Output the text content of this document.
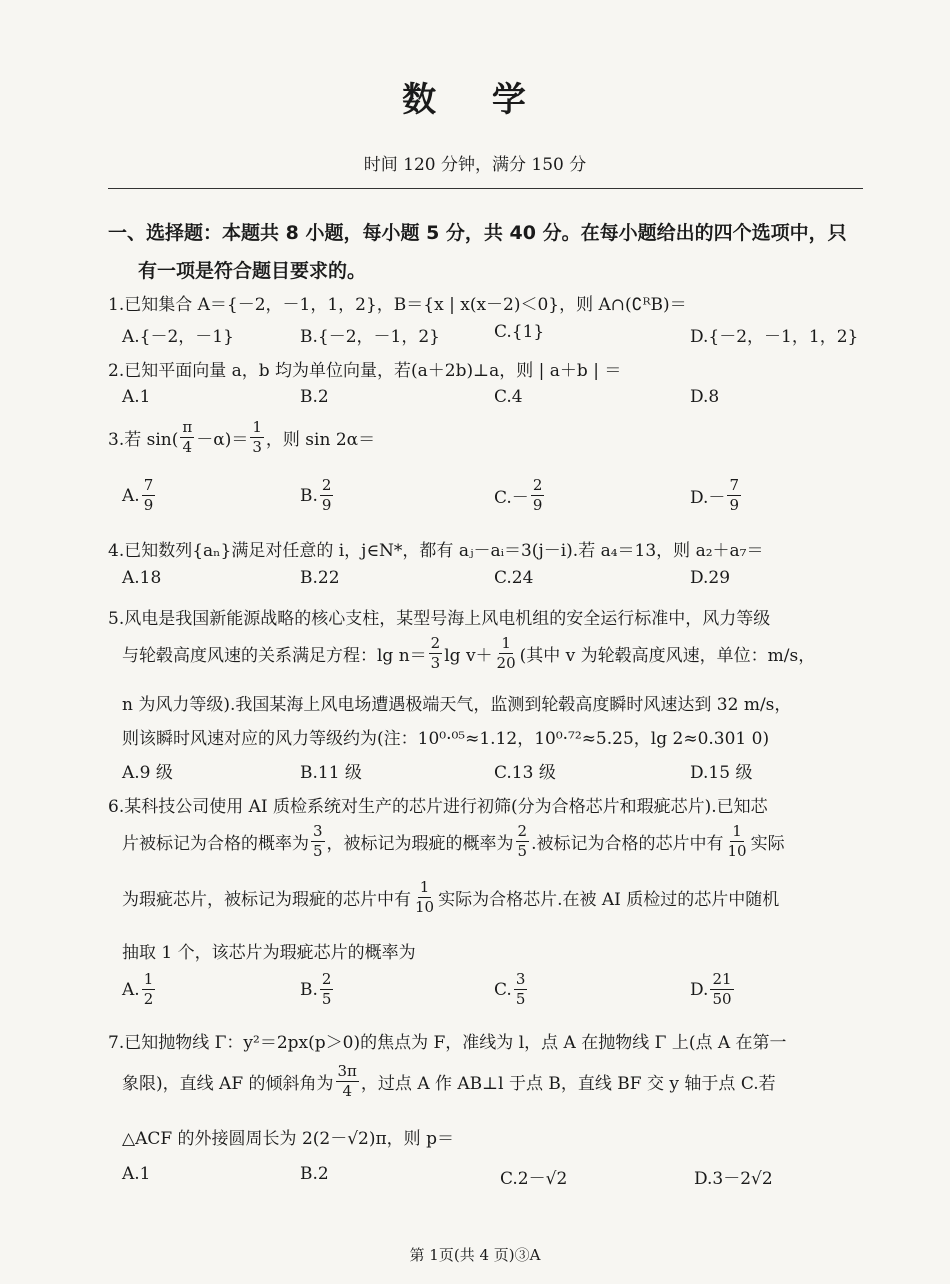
数 学
时间 120 分钟，满分 150 分
一、选择题：本题共 8 小题，每小题 5 分，共 40 分。在每小题给出的四个选项中，只
有一项是符合题目要求的。
1.已知集合 A＝{－2，－1，1，2}，B＝{x | x(x－2)＜0}，则 A∩(∁ᴿB)＝
A.{－2，－1}	B.{－2，－1，2}	C.{1}	D.{－2，－1，1，2}
2.已知平面向量 a，b 均为单位向量，若(a＋2b)⊥a，则 | a＋b | ＝
A.1	B.2	C.4	D.8
3.若 $\sin( \frac{\pi}{4} -\alpha)= \frac{1}{3}$ ，则 sin 2α＝
A. $\frac{7}{9}$	B. $\frac{2}{9}$	$C.- \frac{2}{9}$	$D.- \frac{7}{9}$
4.已知数列{aₙ}满足对任意的 i，j∈N*，都有 aⱼ－aᵢ＝3(j－i).若 a₄＝13，则 a₂＋a₇＝
A.18	B.22	C.24	D.29
5.风电是我国新能源战略的核心支柱，某型号海上风电机组的安全运行标准中，风力等级
与轮毂高度风速的关系满足方程：$\lg n= \frac{2}{3}$ $\lg v+ \frac{1}{20}$ (其中 v 为轮毂高度风速，单位：m/s，
n 为风力等级).我国某海上风电场遭遇极端天气，监测到轮毂高度瞬时风速达到 32 m/s，
则该瞬时风速对应的风力等级约为(注：10⁰·⁰⁵≈1.12，10⁰·⁷²≈5.25，lg 2≈0.301 0)
A.9 级	B.11 级	C.13 级	D.15 级
6.某科技公司使用 AI 质检系统对生产的芯片进行初筛(分为合格芯片和瑕疵芯片).已知芯
片被标记为合格的概率为 $\frac{3}{5}$ ，被标记为瑕疵的概率为 $\frac{2}{5}$ .被标记为合格的芯片中有 $\frac{1}{10}$ 实际
为瑕疵芯片，被标记为瑕疵的芯片中有 $\frac{1}{10}$ 实际为合格芯片.在被 AI 质检过的芯片中随机
抽取 1 个，该芯片为瑕疵芯片的概率为
A. $\frac{1}{2}$	B. $\frac{2}{5}$	C. $\frac{3}{5}$	D. $\frac{21}{50}$
7.已知抛物线 Γ：y²＝2px(p＞0)的焦点为 F，准线为 l，点 A 在抛物线 Γ 上(点 A 在第一
象限)，直线 AF 的倾斜角为 $\frac{3\pi}{4}$ ，过点 A 作 AB⊥l 于点 B，直线 BF 交 y 轴于点 C.若
△ACF 的外接圆周长为 2(2－√2)π，则 p＝
A.1	B.2	C.2－√2	D.3－2√2
第 1页(共 4 页)③A
